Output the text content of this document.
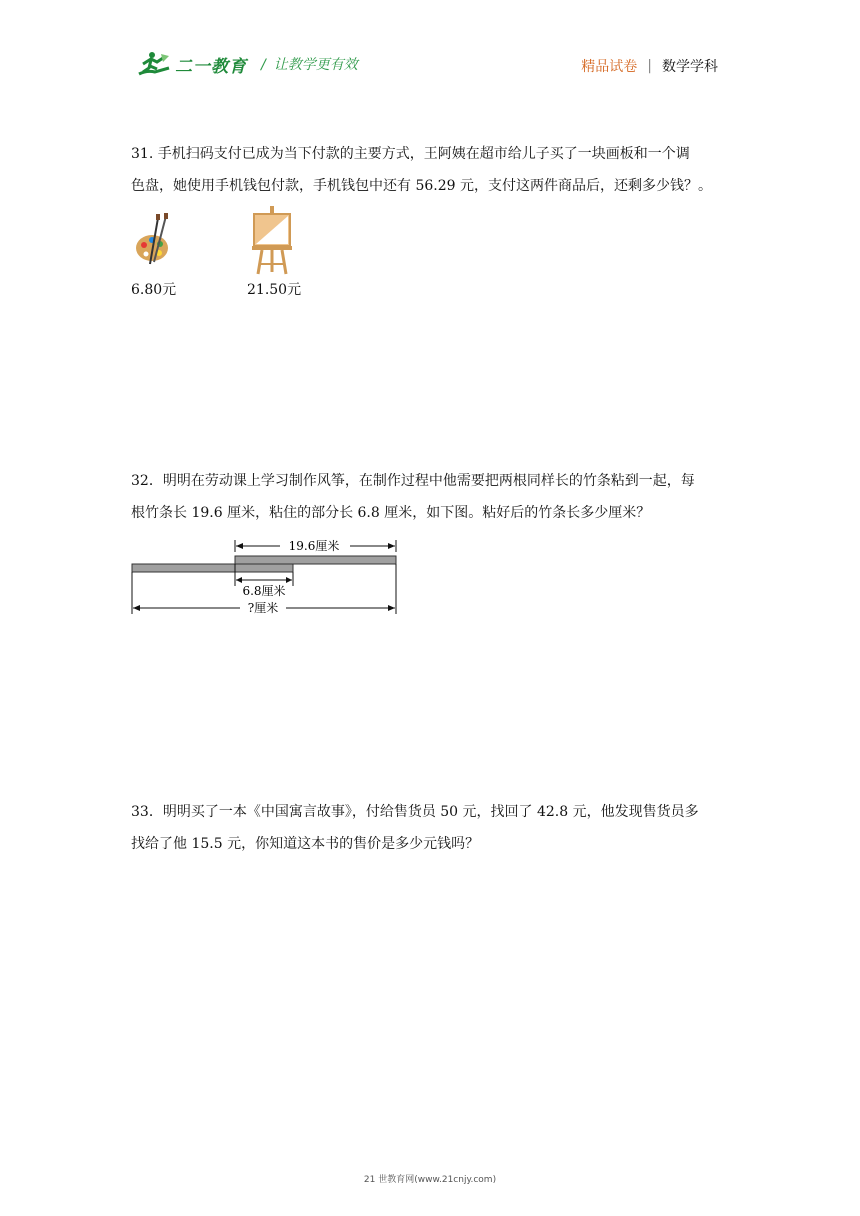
二一教育 / 让教学更有效	精品试卷 | 数学学科

31. 手机扫码支付已成为当下付款的主要方式，王阿姨在超市给儿子买了一块画板和一个调

色盘，她使用手机钱包付款，手机钱包中还有 56.29 元，支付这两件商品后，还剩多少钱？。

6.80元	21.50元

32．明明在劳动课上学习制作风筝，在制作过程中他需要把两根同样长的竹条粘到一起，每

根竹条长 19.6 厘米，粘住的部分长 6.8 厘米，如下图。粘好后的竹条长多少厘米？

19.6厘米
6.8厘米
?厘米

33．明明买了一本《中国寓言故事》，付给售货员 50 元，找回了 42.8 元，他发现售货员多

找给了他 15.5 元，你知道这本书的售价是多少元钱吗？

21 世教育网(www.21cnjy.com)
